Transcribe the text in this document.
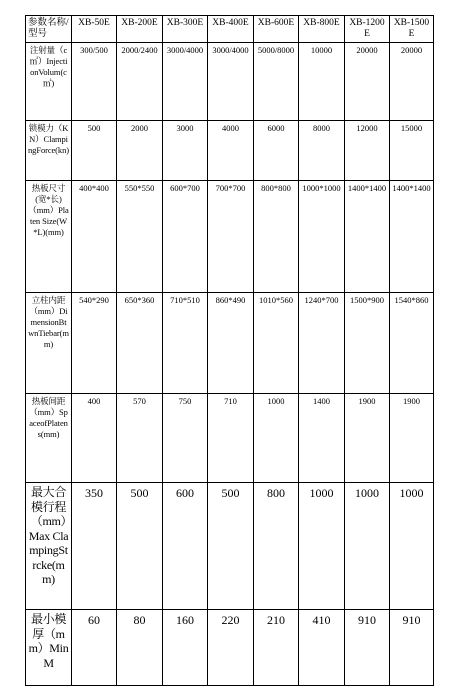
参数名称/型号	XB-50E	XB-200E	XB-300E	XB-400E	XB-600E	XB-800E	XB-1200E	XB-1500E
注射量（c㎡）InjectionVolum(c㎡)	300/500	2000/2400	3000/4000	3000/4000	5000/8000	10000	20000	20000
锁模力（KN）ClampingForce(kn)	500	2000	3000	4000	6000	8000	12000	15000
热板尺寸(宽*长)（mm）Platen Size(W*L)(mm)	400*400	550*550	600*700	700*700	800*800	1000*1000	1400*1400	1400*1400
立柱内距（mm）DimensionBtwnTiebar(mm)	540*290	650*360	710*510	860*490	1010*560	1240*700	1500*900	1540*860
热板间距（mm）SpaceofPlatens(mm)	400	570	750	710	1000	1400	1900	1900
最大合模行程（mm）Max ClampingStrcke(mm)	350	500	600	500	800	1000	1000	1000
最小模厚（mm）MinM	60	80	160	220	210	410	910	910
